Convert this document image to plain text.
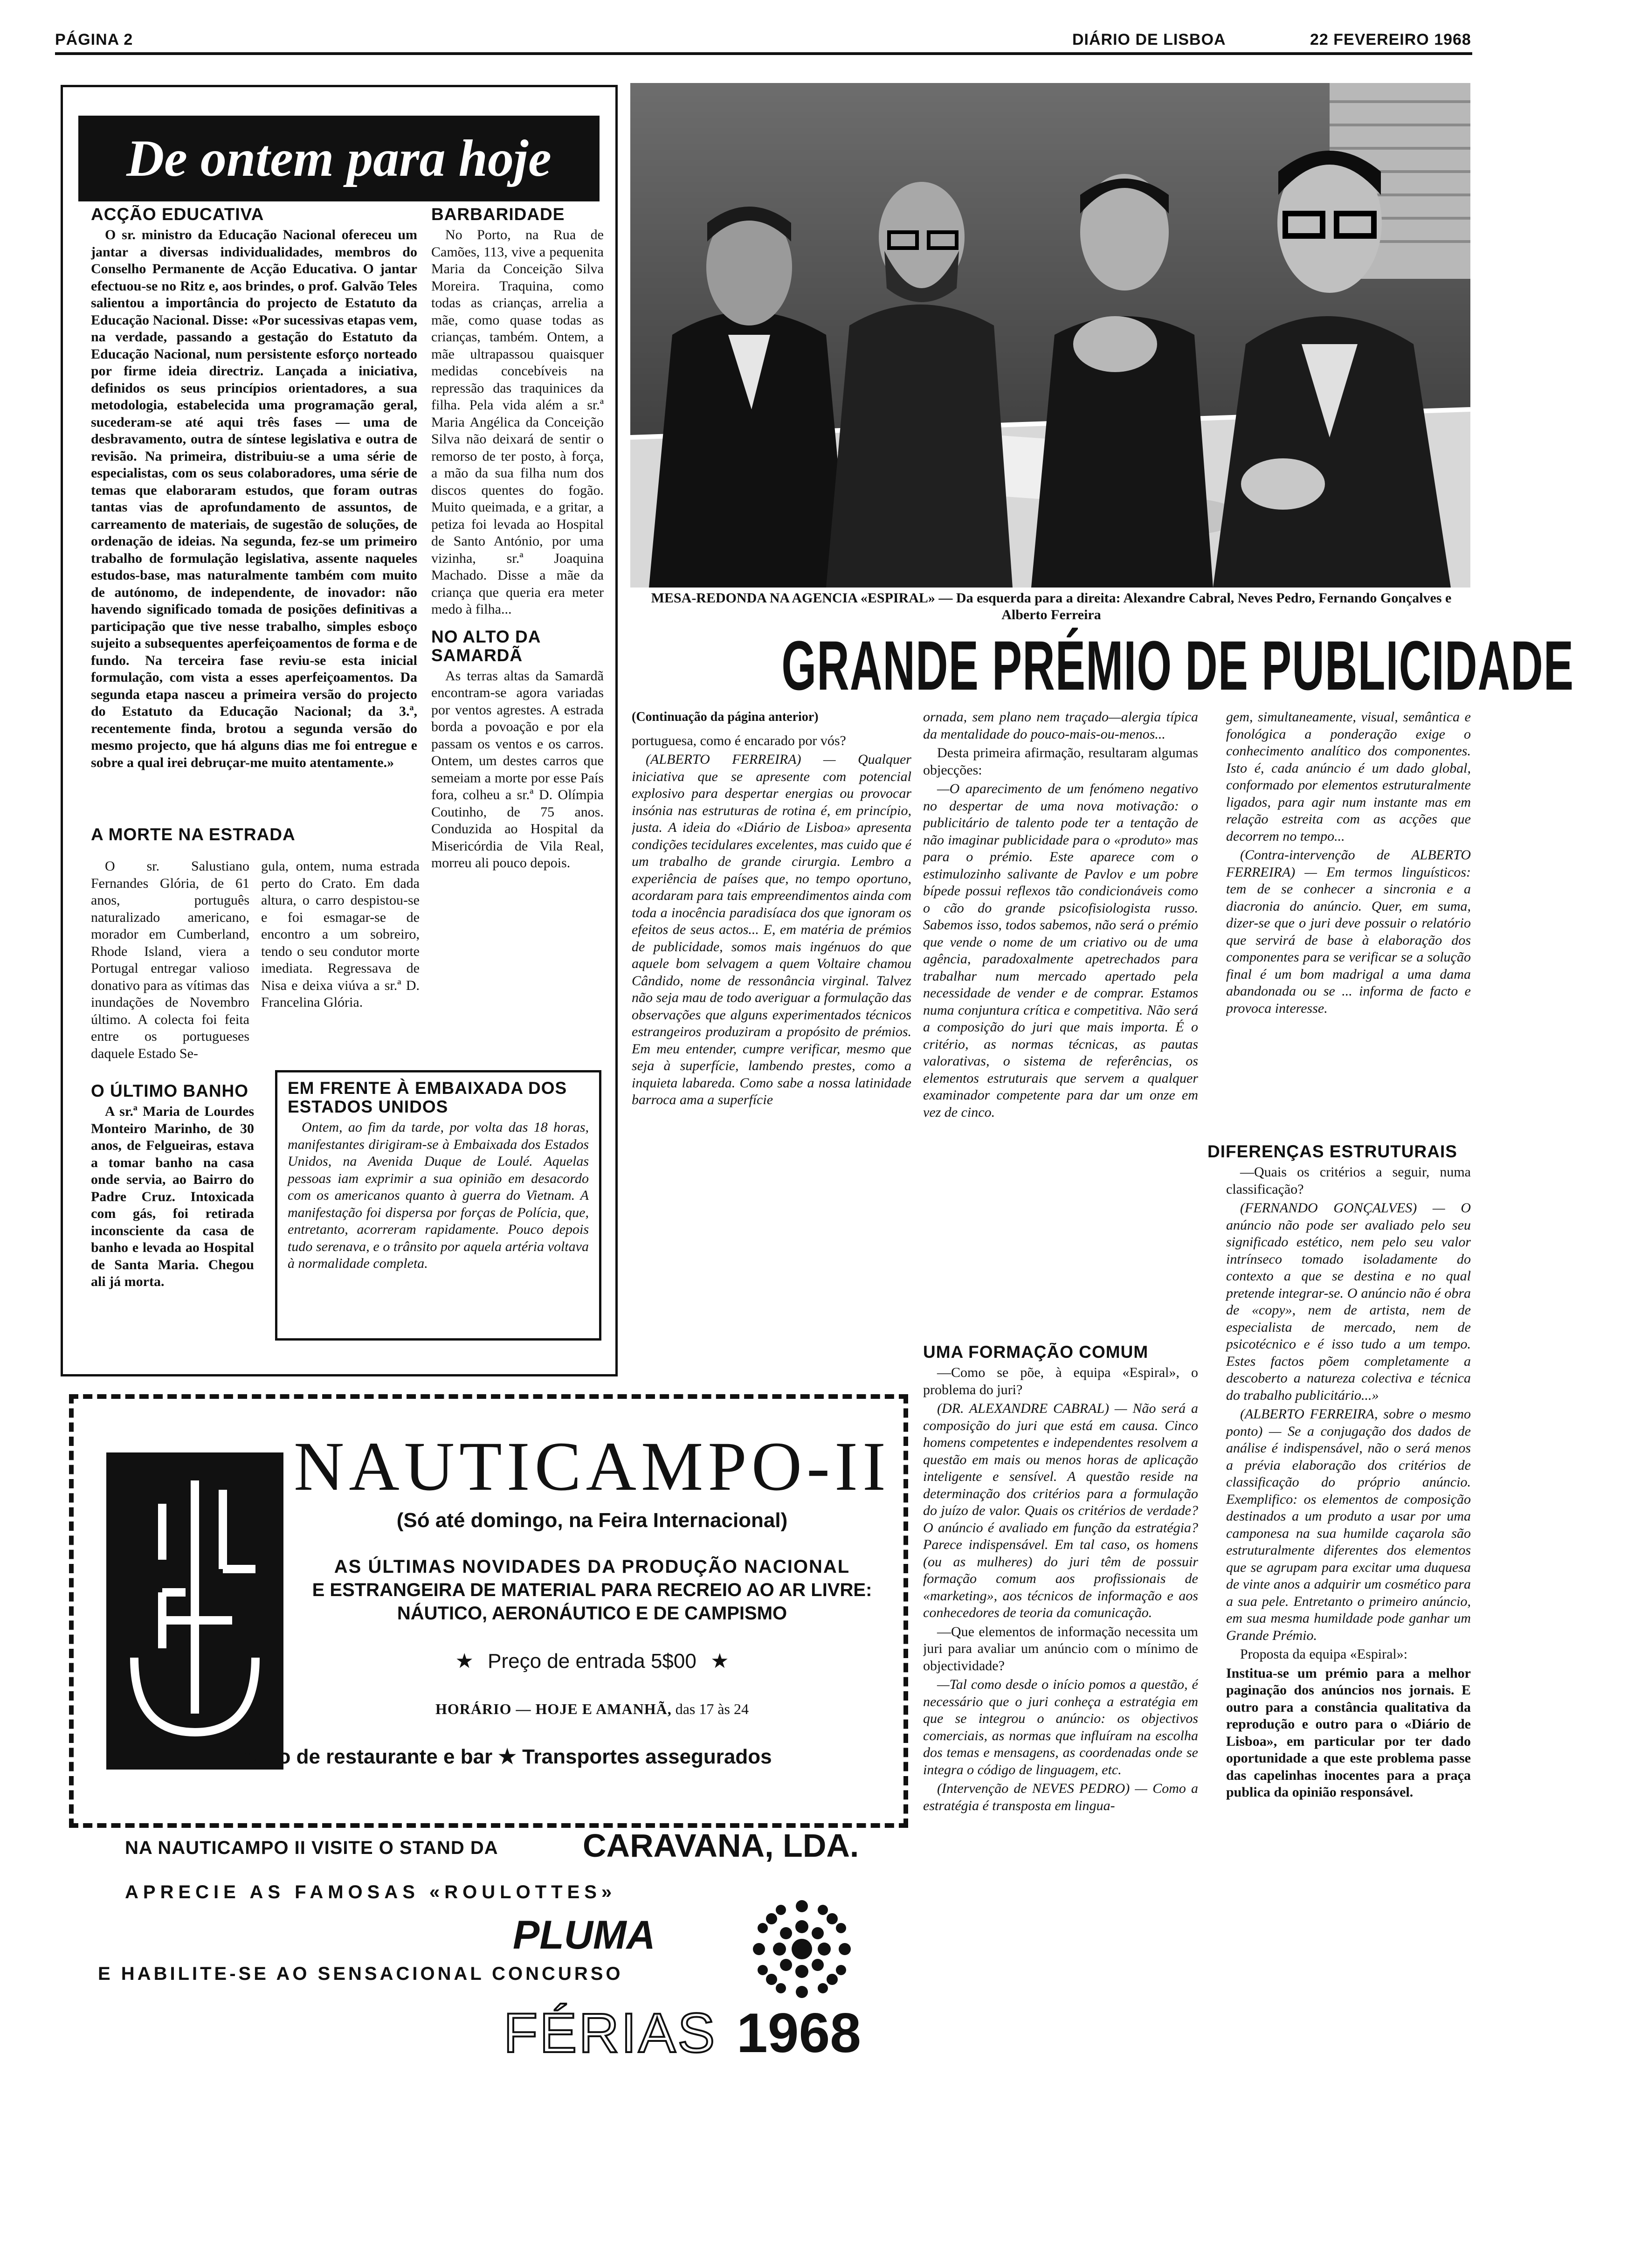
PÁGINA 2	DIÁRIO DE LISBOA	22 FEVEREIRO 1968
De ontem para hoje
ACÇÃO EDUCATIVA

O sr. ministro da Educação Nacional ofereceu um jantar a diversas individualidades, membros do Conselho Permanente de Acção Educativa. O jantar efectuou-se no Ritz e, aos brindes, o prof. Galvão Teles salientou a importância do projecto de Estatuto da Educação Nacional. Disse: «Por sucessivas etapas vem, na verdade, passando a gestação do Estatuto da Educação Nacional, num persistente esforço norteado por firme ideia directriz. Lançada a iniciativa, definidos os seus princípios orientadores, a sua metodologia, estabelecida uma programação geral, sucederam-se até aqui três fases — uma de desbravamento, outra de síntese legislativa e outra de revisão. Na primeira, distribuiu-se a uma série de especialistas, com os seus colaboradores, uma série de temas que elaboraram estudos, que foram outras tantas vias de aprofundamento de assuntos, de carreamento de materiais, de sugestão de soluções, de ordenação de ideias. Na segunda, fez-se um primeiro trabalho de formulação legislativa, assente naqueles estudos-base, mas naturalmente também com muito de autónomo, de independente, de inovador: não havendo significado tomada de posições definitivas a participação que tive nesse trabalho, simples esboço sujeito a subsequentes aperfeiçoamentos de forma e de fundo. Na terceira fase reviu-se esta inicial formulação, com vista a esses aperfeiçoamentos. Da segunda etapa nasceu a primeira versão do projecto do Estatuto da Educação Nacional; da 3.ª, recentemente finda, brotou a segunda versão do mesmo projecto, que há alguns dias me foi entregue e sobre a qual irei debruçar-me muito atentamente.»

BARBARIDADE

No Porto, na Rua de Camões, 113, vive a pequenita Maria da Conceição Silva Moreira. Traquina, como todas as crianças, arrelia a mãe, como quase todas as crianças, também. Ontem, a mãe ultrapassou quaisquer medidas concebíveis na repressão das traquinices da filha. Pela vida além a sr.ª Maria Angélica da Conceição Silva não deixará de sentir o remorso de ter posto, à força, a mão da sua filha num dos discos quentes do fogão. Muito queimada, e a gritar, a petiza foi levada ao Hospital de Santo António, por uma vizinha, sr.ª Joaquina Machado. Disse a mãe da criança que queria era meter medo à filha...

NO ALTO DA SAMARDÃ

As terras altas da Samardã encontram-se agora variadas por ventos agrestes. A estrada borda a povoação e por ela passam os ventos e os carros. Ontem, um destes carros que semeiam a morte por esse País fora, colheu a sr.ª D. Olímpia Coutinho, de 75 anos. Conduzida ao Hospital da Misericórdia de Vila Real, morreu ali pouco depois.

A MORTE NA ESTRADA

O sr. Salustiano Fernandes Glória, de 61 anos, português naturalizado americano, morador em Cumberland, Rhode Island, viera a Portugal entregar valioso donativo para as vítimas das inundações de Novembro último. A colecta foi feita entre os portugueses daquele Estado Se-

gula, ontem, numa estrada perto do Crato. Em dada altura, o carro despistou-se e foi esmagar-se de encontro a um sobreiro, tendo o seu condutor morte imediata. Regressava de Nisa e deixa viúva a sr.ª D. Francelina Glória.

O ÚLTIMO BANHO

A sr.ª Maria de Lourdes Monteiro Marinho, de 30 anos, de Felgueiras, estava a tomar banho na casa onde servia, ao Bairro do Padre Cruz. Intoxicada com gás, foi retirada inconsciente da casa de banho e levada ao Hospital de Santa Maria. Chegou ali já morta.

EM FRENTE À EMBAIXADA DOS ESTADOS UNIDOS

Ontem, ao fim da tarde, por volta das 18 horas, manifestantes dirigiram-se à Embaixada dos Estados Unidos, na Avenida Duque de Loulé. Aquelas pessoas iam exprimir a sua opinião em desacordo com os americanos quanto à guerra do Vietnam. A manifestação foi dispersa por forças de Polícia, que, entretanto, acorreram rapidamente. Pouco depois tudo serenava, e o trânsito por aquela artéria voltava à normalidade completa.

MESA-REDONDA NA AGENCIA «ESPIRAL» — Da esquerda para a direita: Alexandre Cabral, Neves Pedro, Fernando Gonçalves e Alberto Ferreira
GRANDE PRÉMIO DE PUBLICIDADE

(Continuação da página anterior)

portuguesa, como é encarado por vós?

(ALBERTO FERREIRA) — Qualquer iniciativa que se apresente com potencial explosivo para despertar energias ou provocar insónia nas estruturas de rotina é, em princípio, justa. A ideia do «Diário de Lisboa» apresenta condições tecidulares excelentes, mas cuido que é um trabalho de grande cirurgia. Lembro a experiência de países que, no tempo oportuno, acordaram para tais empreendimentos ainda com toda a inocência paradisíaca dos que ignoram os efeitos de seus actos... E, em matéria de prémios de publicidade, somos mais ingénuos do que aquele bom selvagem a quem Voltaire chamou Cândido, nome de ressonância virginal. Talvez não seja mau de todo averiguar a formulação das observações que alguns experimentados técnicos estrangeiros produziram a propósito de prémios. Em meu entender, cumpre verificar, mesmo que seja à superfície, lambendo prestes, como a inquieta labareda. Como sabe a nossa latinidade barroca ama a superfície

ornada, sem plano nem traçado—alergia típica da mentalidade do pouco-mais-ou-menos...

Desta primeira afirmação, resultaram algumas objecções:

—O aparecimento de um fenómeno negativo no despertar de uma nova motivação: o publicitário de talento pode ter a tentação de não imaginar publicidade para o «produto» mas para o prémio. Este aparece com o estimulozinho salivante de Pavlov e um pobre bípede possui reflexos tão condicionáveis como o cão do grande psicofisiologista russo. Sabemos isso, todos sabemos, não será o prémio que vende o nome de um criativo ou de uma agência, paradoxalmente apetrechados para trabalhar num mercado apertado pela necessidade de vender e de comprar. Estamos numa conjuntura crítica e competitiva. Não será a composição do juri que mais importa. É o critério, as normas técnicas, as pautas valorativas, o sistema de referências, os elementos estruturais que servem a qualquer examinador competente para dar um onze em vez de cinco.

UMA FORMAÇÃO COMUM

—Como se põe, à equipa «Espiral», o problema do juri?

(DR. ALEXANDRE CABRAL) — Não será a composição do juri que está em causa. Cinco homens competentes e independentes resolvem a questão em mais ou menos horas de aplicação inteligente e sensível. A questão reside na determinação dos critérios para a formulação do juízo de valor. Quais os critérios de verdade? O anúncio é avaliado em função da estratégia? Parece indispensável. Em tal caso, os homens (ou as mulheres) do juri têm de possuir formação comum aos profissionais de «marketing», aos técnicos de informação e aos conhecedores de teoria da comunicação.

—Que elementos de informação necessita um juri para avaliar um anúncio com o mínimo de objectividade?

—Tal como desde o início pomos a questão, é necessário que o juri conheça a estratégia em que se integrou o anúncio: os objectivos comerciais, as normas que influíram na escolha dos temas e mensagens, as coordenadas onde se integra o código de linguagem, etc.

(Intervenção de NEVES PEDRO) — Como a estratégia é transposta em lingua-

gem, simultaneamente, visual, semântica e fonológica a ponderação exige o conhecimento analítico dos componentes. Isto é, cada anúncio é um dado global, conformado por elementos estruturalmente ligados, para agir num instante mas em relação estreita com as acções que decorrem no tempo...

(Contra-intervenção de ALBERTO FERREIRA) — Em termos linguísticos: tem de se conhecer a sincronia e a diacronia do anúncio. Quer, em suma, dizer-se que o juri deve possuir o relatório que servirá de base à elaboração dos componentes para se verificar se a solução final é um bom madrigal a uma dama abandonada ou se ... informa de facto e provoca interesse.

DIFERENÇAS ESTRUTURAIS

—Quais os critérios a seguir, numa classificação?

(FERNANDO GONÇALVES) — O anúncio não pode ser avaliado pelo seu significado estético, nem pelo seu valor intrínseco tomado isoladamente do contexto a que se destina e no qual pretende integrar-se. O anúncio não é obra de «copy», nem de artista, nem de especialista de mercado, nem de psicotécnico e é isso tudo a um tempo. Estes factos põem completamente a descoberto a natureza colectiva e técnica do trabalho publicitário...»

(ALBERTO FERREIRA, sobre o mesmo ponto) — Se a conjugação dos dados de análise é indispensável, não o será menos a prévia elaboração dos critérios de classificação do próprio anúncio. Exemplifico: os elementos de composição destinados a um produto a usar por uma camponesa na sua humilde caçarola são estruturalmente diferentes dos elementos que se agrupam para excitar uma duquesa de vinte anos a adquirir um cosmético para a sua pele. Entretanto o primeiro anúncio, em sua mesma humildade pode ganhar um Grande Prémio.

Proposta da equipa «Espiral»:

Institua-se um prémio para a melhor paginação dos anúncios nos jornais. E outro para a constância qualitativa da reprodução e outro para o «Diário de Lisboa», em particular por ter dado oportunidade a que este problema passe das capelinhas inocentes para a praça publica da opinião responsável.

NAUTICAMPO-II
(Só até domingo, na Feira Internacional)
AS ÚLTIMAS NOVIDADES DA PRODUÇÃO NACIONAL
E ESTRANGEIRA DE MATERIAL PARA RECREIO AO AR LIVRE:
NÁUTICO, AERONÁUTICO E DE CAMPISMO
★ Preço de entrada 5$00 ★
HORÁRIO — HOJE E AMANHÃ, das 17 às 24
Serviço de restaurante e bar ★ Transportes assegurados
NA NAUTICAMPO II VISITE O STAND DA	CARAVANA, LDA.
APRECIE AS FAMOSAS «ROULOTTES»
PLUMA
E HABILITE-SE AO SENSACIONAL CONCURSO
FÉRIAS 1968
